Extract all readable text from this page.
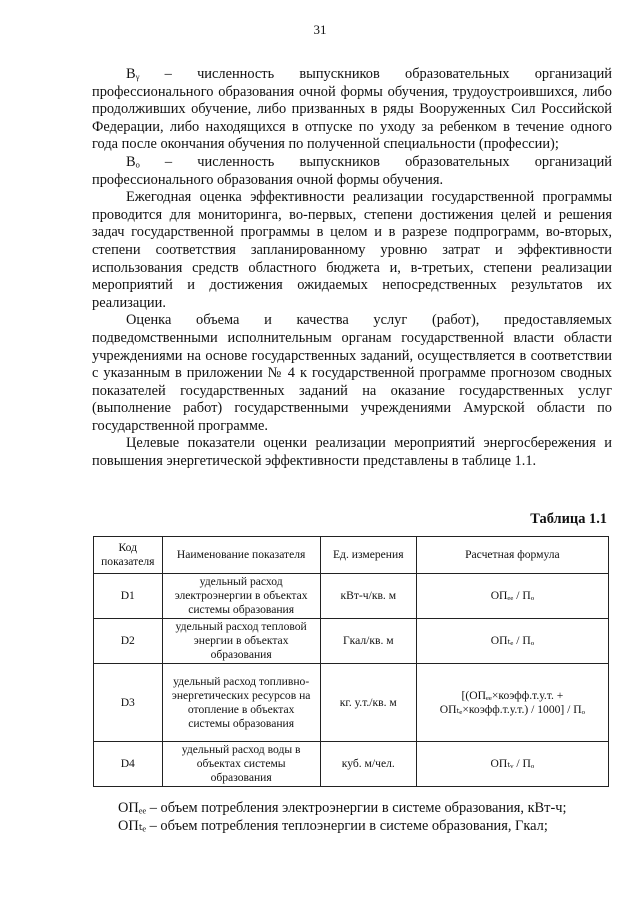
31

Вᵧ – численность выпускников образовательных организаций профессионального образования очной формы обучения, трудоустроившихся, либо продолживших обучение, либо призванных в ряды Вооруженных Сил Российской Федерации, либо находящихся в отпуске по уходу за ребенком в течение одного года после окончания обучения по полученной специальности (профессии);

Вₒ – численность выпускников образовательных организаций профессионального образования очной формы обучения.

Ежегодная оценка эффективности реализации государственной программы проводится для мониторинга, во-первых, степени достижения целей и решения задач государственной программы в целом и в разрезе подпрограмм, во-вторых, степени соответствия запланированному уровню затрат и эффективности использования средств областного бюджета и, в-третьих, степени реализации мероприятий и достижения ожидаемых непосредственных результатов их реализации.

Оценка объема и качества услуг (работ), предоставляемых подведомственными исполнительным органам государственной власти области учреждениями на основе государственных заданий, осуществляется в соответствии с указанным в приложении № 4 к государственной программе прогнозом сводных показателей государственных заданий на оказание государственных услуг (выполнение работ) государственными учреждениями Амурской области по государственной программе.

Целевые показатели оценки реализации мероприятий энергосбережения и повышения энергетической эффективности представлены в таблице 1.1.

Таблица 1.1
Код показателя	Наименование показателя	Ед. измерения	Расчетная формула
D1	удельный расход электроэнергии в объектах системы образования	кВт-ч/кв. м	ОПₑₑ / Пₒ
D2	удельный расход тепловой энергии в объектах образования	Гкал/кв. м	ОПₜₑ / Пₒ
D3	удельный расход топливно-энергетических ресурсов на отопление в объектах системы образования	кг. у.т./кв. м	[(ОПₑₑ×коэфф.т.у.т. + ОПₜₑ×коэфф.т.у.т.) / 1000] / Пₒ
D4	удельный расход воды в объектах системы образования	куб. м/чел.	ОПₜᵥ / Пₒ

ОПₑₑ – объем потребления электроэнергии в системе образования, кВт-ч;

ОПₜₑ – объем потребления теплоэнергии в системе образования, Гкал;
